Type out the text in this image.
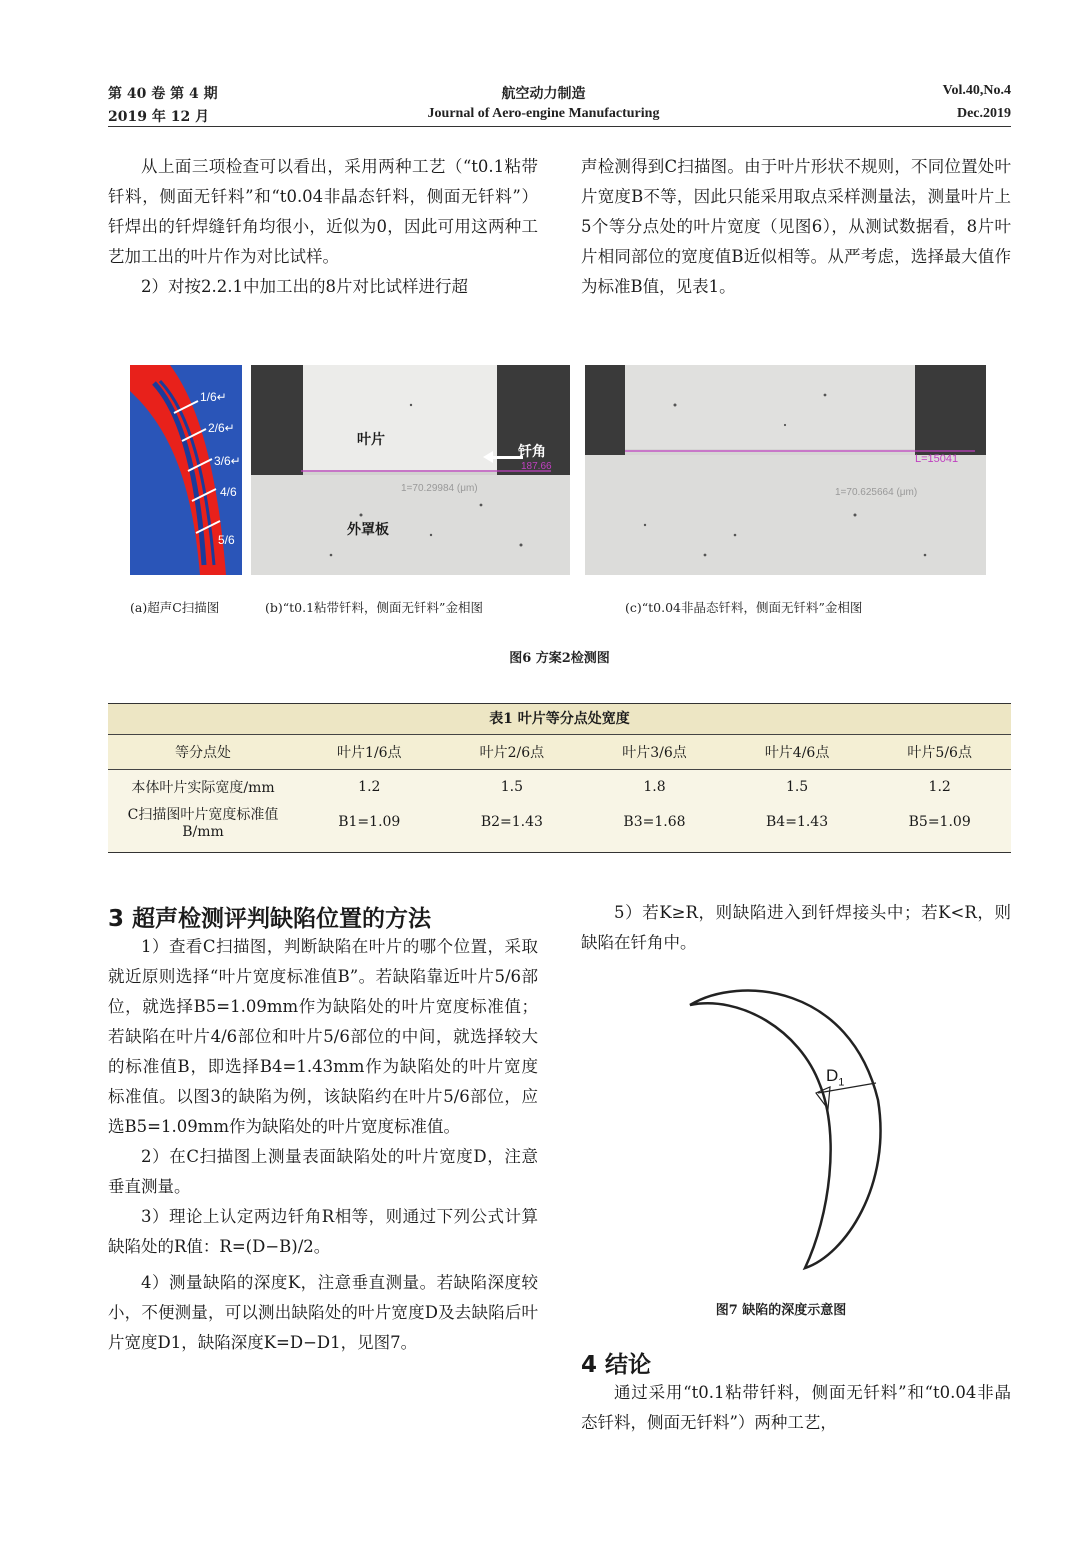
第 40 卷 第 4 期
2019 年 12 月
航空动力制造
Journal of Aero-engine Manufacturing
Vol.40,No.4
Dec.2019

从上面三项检查可以看出，采用两种工艺（“t0.1粘带钎料，侧面无钎料”和“t0.04非晶态钎料，侧面无钎料”）钎焊出的钎焊缝钎角均很小，近似为0，因此可用这两种工艺加工出的叶片作为对比试样。

2）对按2.2.1中加工出的8片对比试样进行超

声检测得到C扫描图。由于叶片形状不规则，不同位置处叶片宽度B不等，因此只能采用取点采样测量法，测量叶片上5个等分点处的叶片宽度（见图6），从测试数据看，8片叶片相同部位的宽度值B近似相等。从严考虑，选择最大值作为标准B值，见表1。

1/6↵
2/6↵
3/6↵
4/6
5/6
叶片
钎角
187.66
1=70.29984 (μm)
外罩板
L=15041
1=70.625664 (μm)
(a)超声C扫描图	(b)“t0.1粘带钎料，侧面无钎料”金相图	(c)“t0.04非晶态钎料，侧面无钎料”金相图
图6 方案2检测图
表1 叶片等分点处宽度
等分点处	叶片1/6点	叶片2/6点	叶片3/6点	叶片4/6点	叶片5/6点
本体叶片实际宽度/mm	1.2	1.5	1.8	1.5	1.2
C扫描图叶片宽度标准值B/mm	B1=1.09	B2=1.43	B3=1.68	B4=1.43	B5=1.09

3 超声检测评判缺陷位置的方法

1）查看C扫描图，判断缺陷在叶片的哪个位置，采取就近原则选择“叶片宽度标准值B”。若缺陷靠近叶片5/6部位，就选择B5=1.09mm作为缺陷处的叶片宽度标准值；若缺陷在叶片4/6部位和叶片5/6部位的中间，就选择较大的标准值B，即选择B4=1.43mm作为缺陷处的叶片宽度标准值。以图3的缺陷为例，该缺陷约在叶片5/6部位，应选B5=1.09mm作为缺陷处的叶片宽度标准值。

2）在C扫描图上测量表面缺陷处的叶片宽度D，注意垂直测量。

3）理论上认定两边钎角R相等，则通过下列公式计算缺陷处的R值：R=(D−B)/2。

4）测量缺陷的深度K，注意垂直测量。若缺陷深度较小，不便测量，可以测出缺陷处的叶片宽度D及去缺陷后叶片宽度D1，缺陷深度K=D−D1，见图7。

5）若K≥R，则缺陷进入到钎焊接头中；若K<R，则缺陷在钎角中。

$D_1$
图7 缺陷的深度示意图
4 结论

通过采用“t0.1粘带钎料，侧面无钎料”和“t0.04非晶态钎料，侧面无钎料”）两种工艺，
